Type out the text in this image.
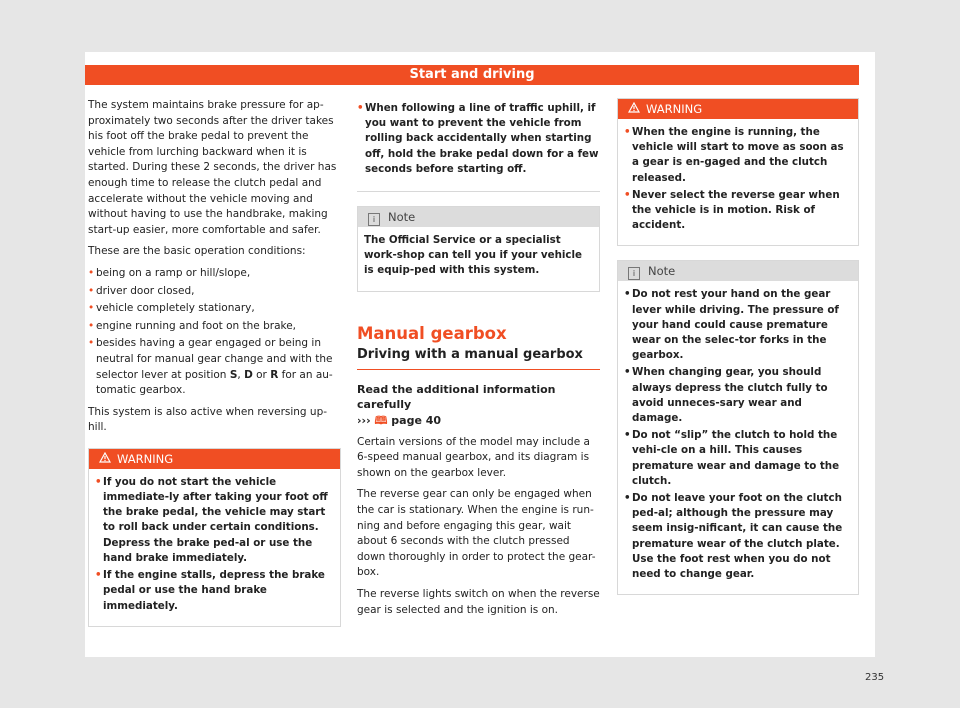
Start and driving

The system maintains brake pressure for ap-proximately two seconds after the driver takes his foot off the brake pedal to prevent the vehicle from lurching backward when it is started. During these 2 seconds, the driver has enough time to release the clutch pedal and accelerate without the vehicle moving and without having to use the handbrake, making start-up easier, more comfortable and safer.

These are the basic operation conditions:

• being on a ramp or hill/slope,
• driver door closed,
• vehicle completely stationary,
• engine running and foot on the brake,
• besides having a gear engaged or being in neutral for manual gear change and with the selector lever at position S, D or R for an au-tomatic gearbox.

This system is also active when reversing up-hill.

WARNING
• If you do not start the vehicle immediate-ly after taking your foot off the brake pedal, the vehicle may start to roll back under certain conditions. Depress the brake ped-al or use the hand brake immediately.
• If the engine stalls, depress the brake pedal or use the hand brake immediately.
• When following a line of traffic uphill, if you want to prevent the vehicle from rolling back accidentally when starting off, hold the brake pedal down for a few seconds before starting off.
i Note

The Official Service or a specialist work-shop can tell you if your vehicle is equip-ped with this system.

Manual gearbox
Driving with a manual gearbox
Read the additional information carefully
››› 🕮 page 40

Certain versions of the model may include a 6-speed manual gearbox, and its diagram is shown on the gearbox lever.

The reverse gear can only be engaged when the car is stationary. When the engine is run-ning and before engaging this gear, wait about 6 seconds with the clutch pressed down thoroughly in order to protect the gear-box.

The reverse lights switch on when the reverse gear is selected and the ignition is on.

WARNING
• When the engine is running, the vehicle will start to move as soon as a gear is en-gaged and the clutch released.
• Never select the reverse gear when the vehicle is in motion. Risk of accident.
i Note
• Do not rest your hand on the gear lever while driving. The pressure of your hand could cause premature wear on the selec-tor forks in the gearbox.
• When changing gear, you should always depress the clutch fully to avoid unneces-sary wear and damage.
• Do not “slip” the clutch to hold the vehi-cle on a hill. This causes premature wear and damage to the clutch.
• Do not leave your foot on the clutch ped-al; although the pressure may seem insig-nificant, it can cause the premature wear of the clutch plate. Use the foot rest when you do not need to change gear.
235
